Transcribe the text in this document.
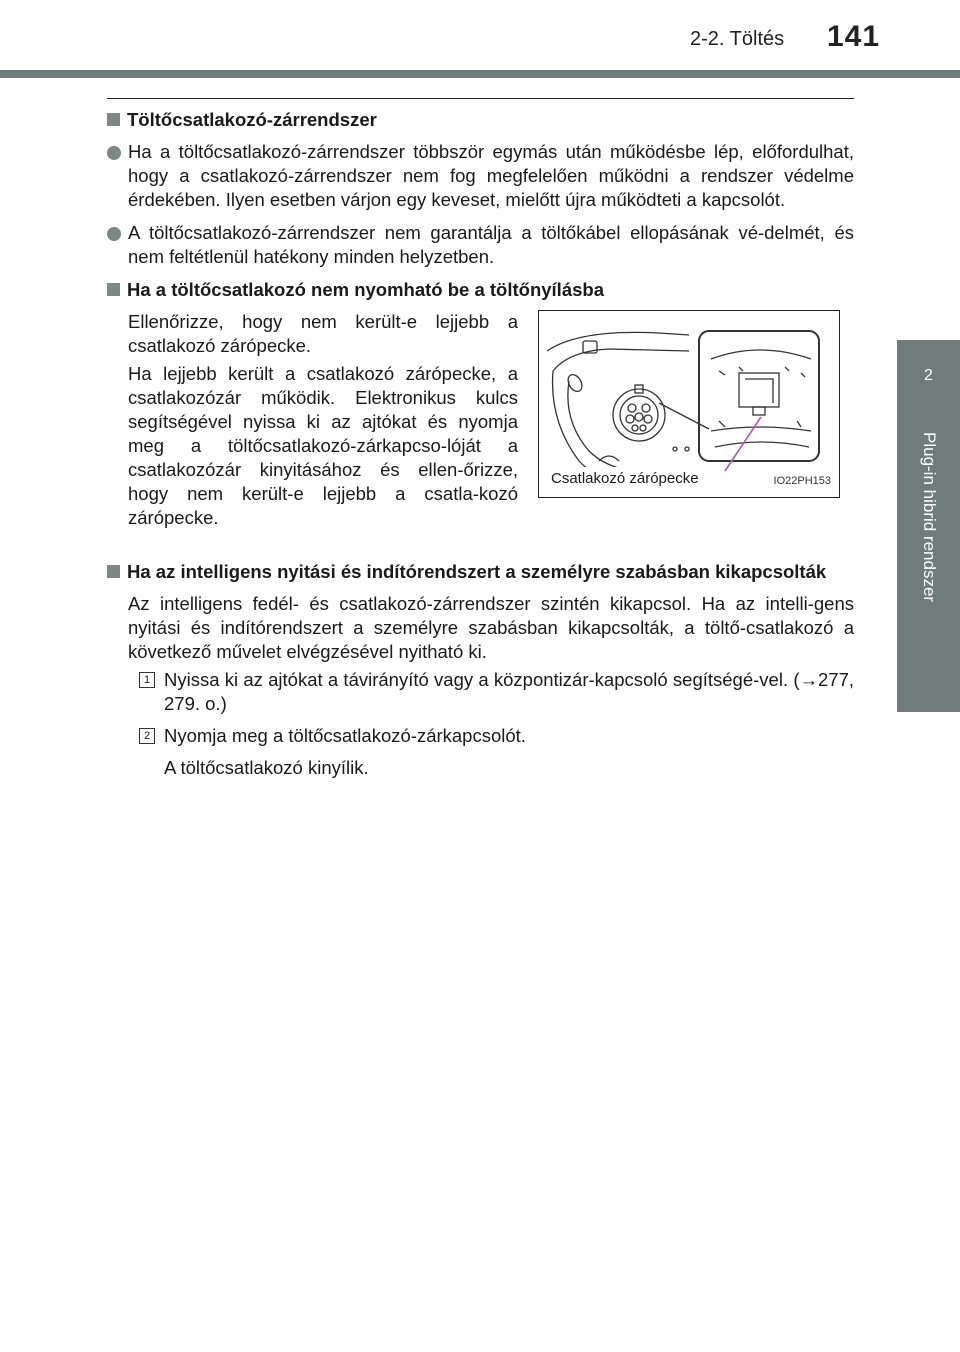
2-2. Töltés 141
2
Plug-in hibrid rendszer
Töltőcsatlakozó-zárrendszer
Ha a töltőcsatlakozó-zárrendszer többször egymás után működésbe lép, előfordulhat, hogy a csatlakozó-zárrendszer nem fog megfelelően működni a rendszer védelme érdekében. Ilyen esetben várjon egy keveset, mielőtt újra működteti a kapcsolót.
A töltőcsatlakozó-zárrendszer nem garantálja a töltőkábel ellopásának vé-delmét, és nem feltétlenül hatékony minden helyzetben.
Ha a töltőcsatlakozó nem nyomható be a töltőnyílásba

Ellenőrizze, hogy nem került-e lejjebb a csatlakozó zárópecke.

Ha lejjebb került a csatlakozó zárópecke, a csatlakozózár működik. Elektronikus kulcs segítségével nyissa ki az ajtókat és nyomja meg a töltőcsatlakozó-zárkapcso-lóját a csatlakozózár kinyitásához és ellen-őrizze, hogy nem került-e lejjebb a csatla-kozó zárópecke.

Csatlakozó zárópecke	IO22PH153
Ha az intelligens nyitási és indítórendszert a személyre szabásban kikapcsolták
Az intelligens fedél- és csatlakozó-zárrendszer szintén kikapcsol. Ha az intelli-gens nyitási és indítórendszert a személyre szabásban kikapcsolták, a töltő-csatlakozó a következő művelet elvégzésével nyitható ki.
1 Nyissa ki az ajtókat a távirányító vagy a központizár-kapcsoló segítségé-vel. (→277, 279. o.)
2 Nyomja meg a töltőcsatlakozó-zárkapcsolót.
A töltőcsatlakozó kinyílik.
